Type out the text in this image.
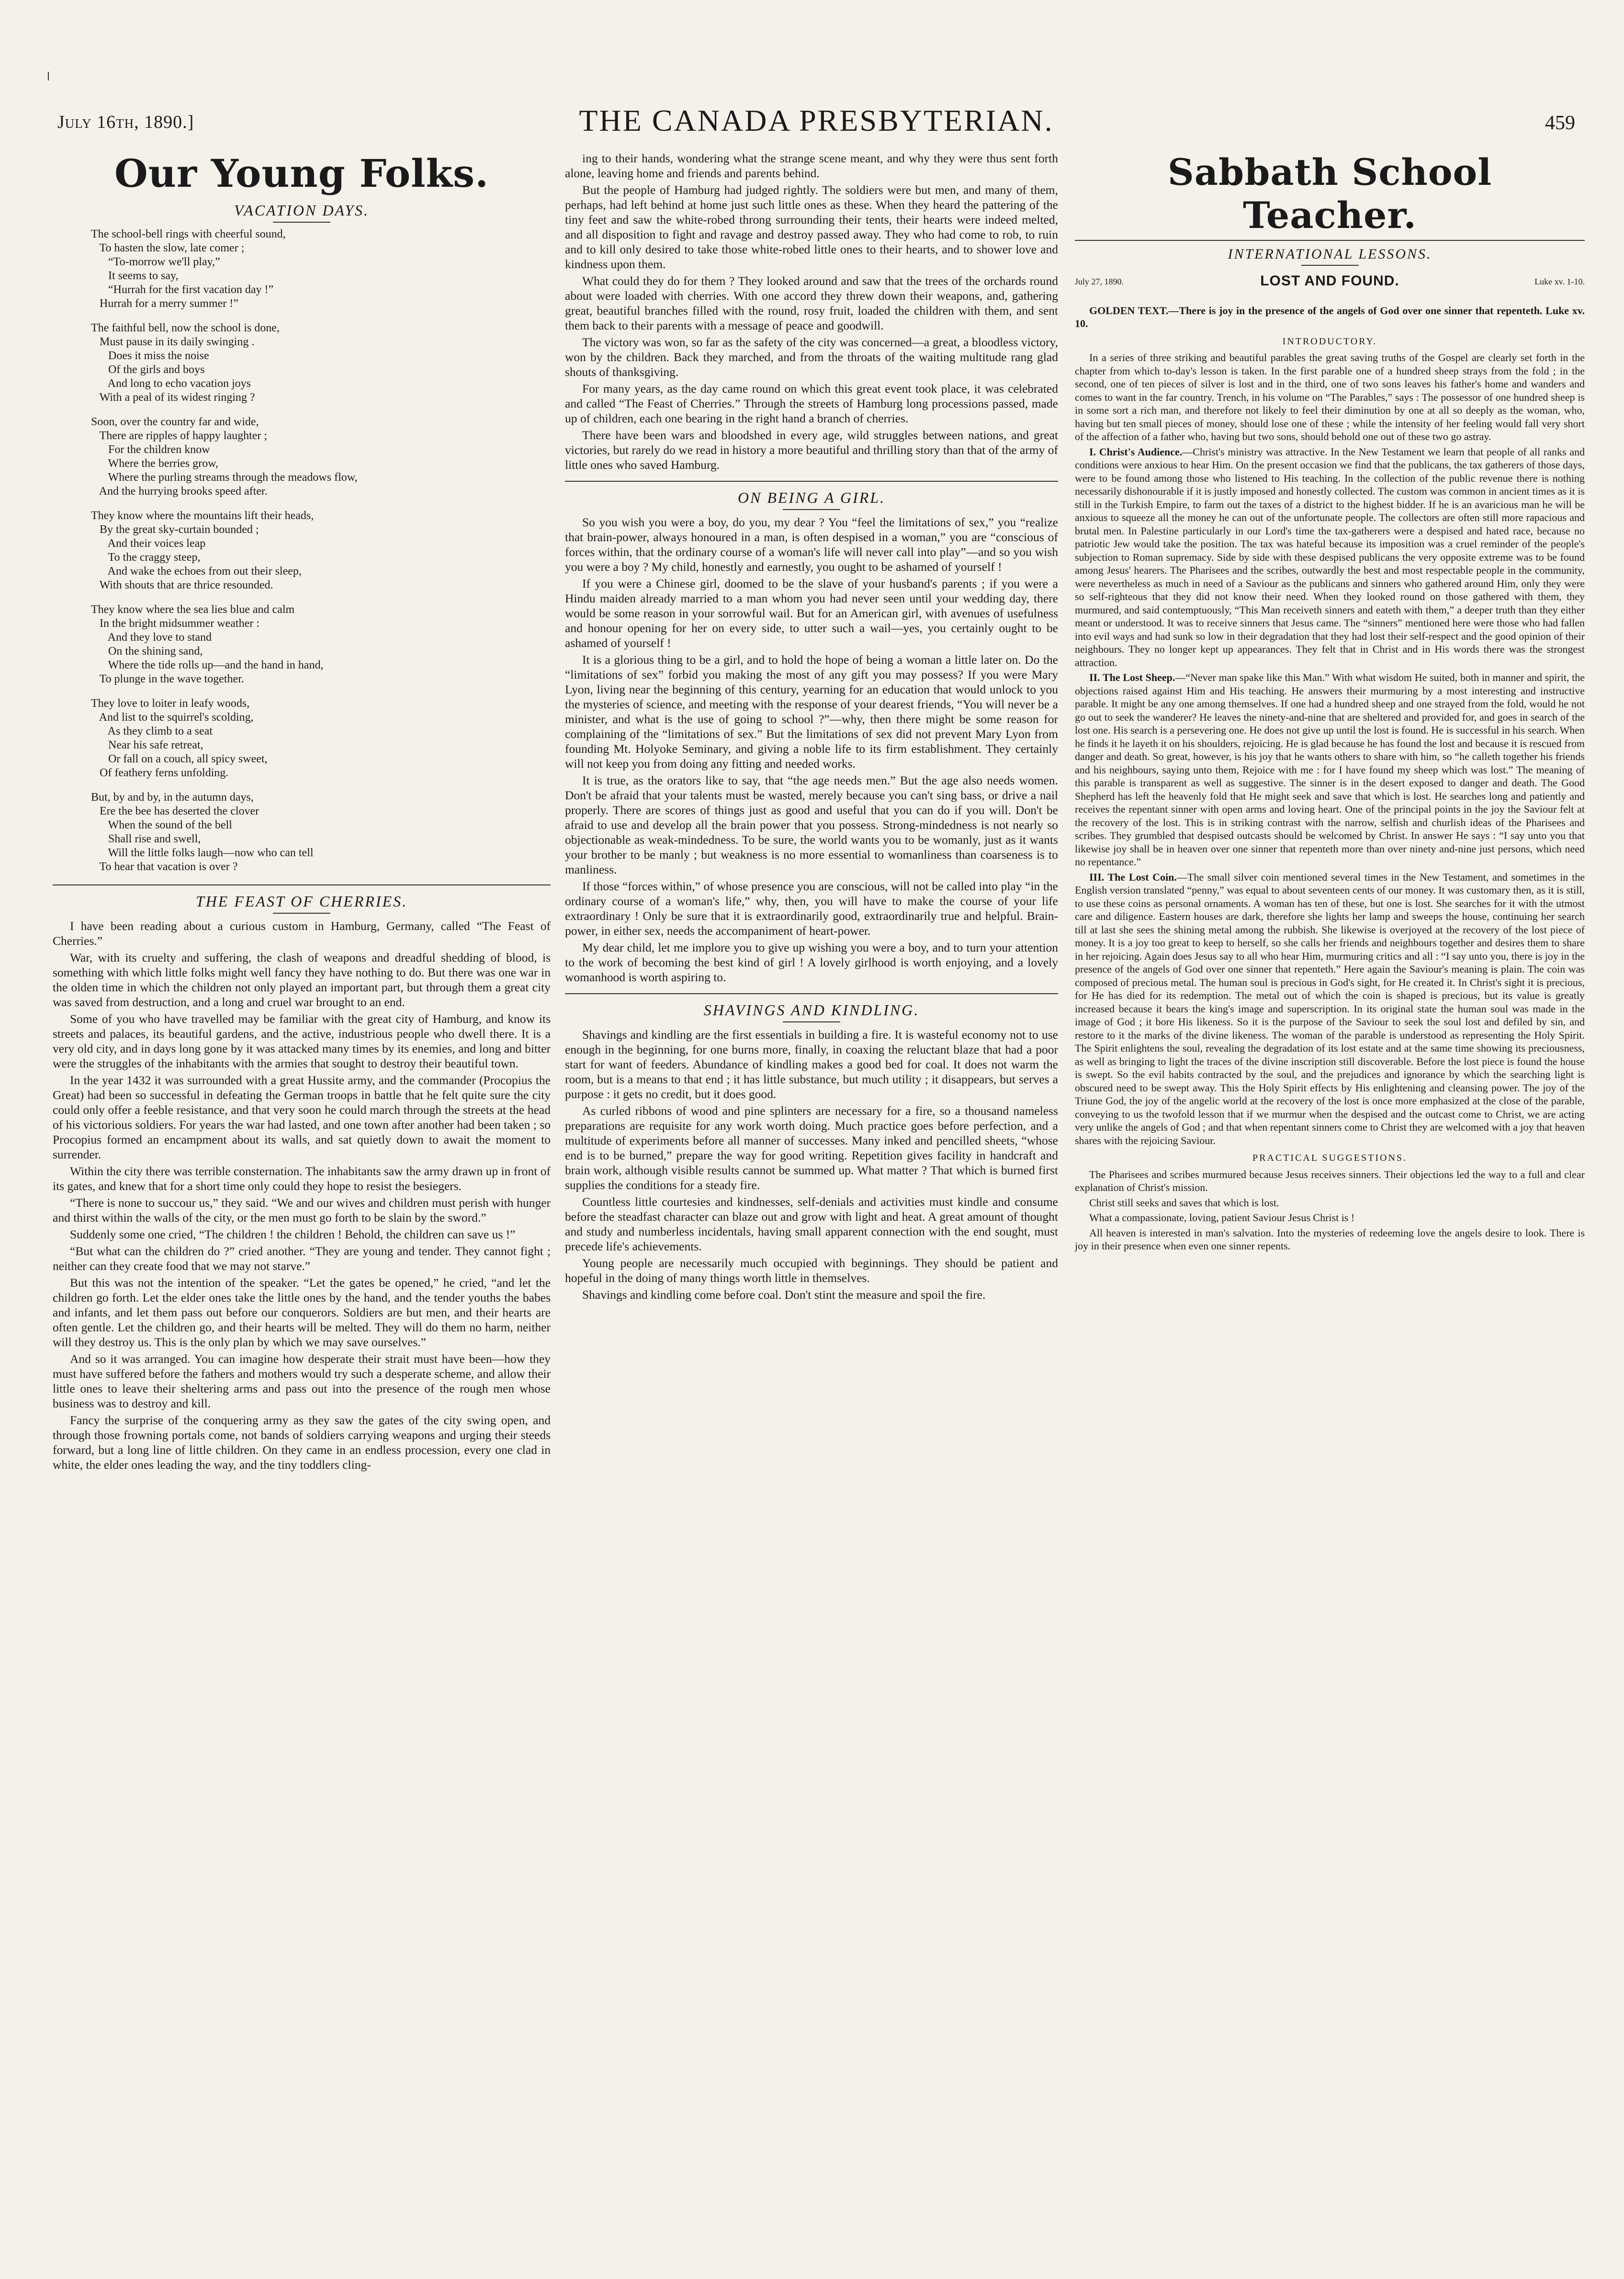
July 16th, 1890.]	THE CANADA PRESBYTERIAN.	459
Our Young Folks.
VACATION DAYS.
The school-bell rings with cheerful sound,
To hasten the slow, late comer ;
“To-morrow we'll play,”
It seems to say,
“Hurrah for the first vacation day !”
Hurrah for a merry summer !”
The faithful bell, now the school is done,
Must pause in its daily swinging .
Does it miss the noise
Of the girls and boys
And long to echo vacation joys
With a peal of its widest ringing ?
Soon, over the country far and wide,
There are ripples of happy laughter ;
For the children know
Where the berries grow,
Where the purling streams through the meadows flow,
And the hurrying brooks speed after.
They know where the mountains lift their heads,
By the great sky-curtain bounded ;
And their voices leap
To the craggy steep,
And wake the echoes from out their sleep,
With shouts that are thrice resounded.
They know where the sea lies blue and calm
In the bright midsummer weather :
And they love to stand
On the shining sand,
Where the tide rolls up—and the hand in hand,
To plunge in the wave together.
They love to loiter in leafy woods,
And list to the squirrel's scolding,
As they climb to a seat
Near his safe retreat,
Or fall on a couch, all spicy sweet,
Of feathery ferns unfolding.
But, by and by, in the autumn days,
Ere the bee has deserted the clover
When the sound of the bell
Shall rise and swell,
Will the little folks laugh—now who can tell
To hear that vacation is over ?
THE FEAST OF CHERRIES.

I have been reading about a curious custom in Hamburg, Germany, called “The Feast of Cherries.”

War, with its cruelty and suffering, the clash of weapons and dreadful shedding of blood, is something with which little folks might well fancy they have nothing to do. But there was one war in the olden time in which the children not only played an important part, but through them a great city was saved from destruction, and a long and cruel war brought to an end.

Some of you who have travelled may be familiar with the great city of Hamburg, and know its streets and palaces, its beautiful gardens, and the active, industrious people who dwell there. It is a very old city, and in days long gone by it was attacked many times by its enemies, and long and bitter were the struggles of the inhabitants with the armies that sought to destroy their beautiful town.

In the year 1432 it was surrounded with a great Hussite army, and the commander (Procopius the Great) had been so successful in defeating the German troops in battle that he felt quite sure the city could only offer a feeble resistance, and that very soon he could march through the streets at the head of his victorious soldiers. For years the war had lasted, and one town after another had been taken ; so Procopius formed an encampment about its walls, and sat quietly down to await the moment to surrender.

Within the city there was terrible consternation. The inhabitants saw the army drawn up in front of its gates, and knew that for a short time only could they hope to resist the besiegers.

“There is none to succour us,” they said. “We and our wives and children must perish with hunger and thirst within the walls of the city, or the men must go forth to be slain by the sword.”

Suddenly some one cried, “The children ! the children ! Behold, the children can save us !”

“But what can the children do ?” cried another. “They are young and tender. They cannot fight ; neither can they create food that we may not starve.”

But this was not the intention of the speaker. “Let the gates be opened,” he cried, “and let the children go forth. Let the elder ones take the little ones by the hand, and the tender youths the babes and infants, and let them pass out before our conquerors. Soldiers are but men, and their hearts are often gentle. Let the children go, and their hearts will be melted. They will do them no harm, neither will they destroy us. This is the only plan by which we may save ourselves.”

And so it was arranged. You can imagine how desperate their strait must have been—how they must have suffered before the fathers and mothers would try such a desperate scheme, and allow their little ones to leave their sheltering arms and pass out into the presence of the rough men whose business was to destroy and kill.

Fancy the surprise of the conquering army as they saw the gates of the city swing open, and through those frowning portals come, not bands of soldiers carrying weapons and urging their steeds forward, but a long line of little children. On they came in an endless procession, every one clad in white, the elder ones leading the way, and the tiny toddlers cling-

ing to their hands, wondering what the strange scene meant, and why they were thus sent forth alone, leaving home and friends and parents behind.

But the people of Hamburg had judged rightly. The soldiers were but men, and many of them, perhaps, had left behind at home just such little ones as these. When they heard the pattering of the tiny feet and saw the white-robed throng surrounding their tents, their hearts were indeed melted, and all disposition to fight and ravage and destroy passed away. They who had come to rob, to ruin and to kill only desired to take those white-robed little ones to their hearts, and to shower love and kindness upon them.

What could they do for them ? They looked around and saw that the trees of the orchards round about were loaded with cherries. With one accord they threw down their weapons, and, gathering great, beautiful branches filled with the round, rosy fruit, loaded the children with them, and sent them back to their parents with a message of peace and goodwill.

The victory was won, so far as the safety of the city was concerned—a great, a bloodless victory, won by the children. Back they marched, and from the throats of the waiting multitude rang glad shouts of thanksgiving.

For many years, as the day came round on which this great event took place, it was celebrated and called “The Feast of Cherries.” Through the streets of Hamburg long processions passed, made up of children, each one bearing in the right hand a branch of cherries.

There have been wars and bloodshed in every age, wild struggles between nations, and great victories, but rarely do we read in history a more beautiful and thrilling story than that of the army of little ones who saved Hamburg.

ON BEING A GIRL.

So you wish you were a boy, do you, my dear ? You “feel the limitations of sex,” you “realize that brain-power, always honoured in a man, is often despised in a woman,” you are “conscious of forces within, that the ordinary course of a woman's life will never call into play”—and so you wish you were a boy ? My child, honestly and earnestly, you ought to be ashamed of yourself !

If you were a Chinese girl, doomed to be the slave of your husband's parents ; if you were a Hindu maiden already married to a man whom you had never seen until your wedding day, there would be some reason in your sorrowful wail. But for an American girl, with avenues of usefulness and honour opening for her on every side, to utter such a wail—yes, you certainly ought to be ashamed of yourself !

It is a glorious thing to be a girl, and to hold the hope of being a woman a little later on. Do the “limitations of sex” forbid you making the most of any gift you may possess? If you were Mary Lyon, living near the beginning of this century, yearning for an education that would unlock to you the mysteries of science, and meeting with the response of your dearest friends, “You will never be a minister, and what is the use of going to school ?”—why, then there might be some reason for complaining of the “limitations of sex.” But the limitations of sex did not prevent Mary Lyon from founding Mt. Holyoke Seminary, and giving a noble life to its firm establishment. They certainly will not keep you from doing any fitting and needed works.

It is true, as the orators like to say, that “the age needs men.” But the age also needs women. Don't be afraid that your talents must be wasted, merely because you can't sing bass, or drive a nail properly. There are scores of things just as good and useful that you can do if you will. Don't be afraid to use and develop all the brain power that you possess. Strong-mindedness is not nearly so objectionable as weak-mindedness. To be sure, the world wants you to be womanly, just as it wants your brother to be manly ; but weakness is no more essential to womanliness than coarseness is to manliness.

If those “forces within,” of whose presence you are conscious, will not be called into play “in the ordinary course of a woman's life,” why, then, you will have to make the course of your life extraordinary ! Only be sure that it is extraordinarily good, extraordinarily true and helpful. Brain-power, in either sex, needs the accompaniment of heart-power.

My dear child, let me implore you to give up wishing you were a boy, and to turn your attention to the work of becoming the best kind of girl ! A lovely girlhood is worth enjoying, and a lovely womanhood is worth aspiring to.

SHAVINGS AND KINDLING.

Shavings and kindling are the first essentials in building a fire. It is wasteful economy not to use enough in the beginning, for one burns more, finally, in coaxing the reluctant blaze that had a poor start for want of feeders. Abundance of kindling makes a good bed for coal. It does not warm the room, but is a means to that end ; it has little substance, but much utility ; it disappears, but serves a purpose : it gets no credit, but it does good.

As curled ribbons of wood and pine splinters are necessary for a fire, so a thousand nameless preparations are requisite for any work worth doing. Much practice goes before perfection, and a multitude of experiments before all manner of successes. Many inked and pencilled sheets, “whose end is to be burned,” prepare the way for good writing. Repetition gives facility in handcraft and brain work, although visible results cannot be summed up. What matter ? That which is burned first supplies the conditions for a steady fire.

Countless little courtesies and kindnesses, self-denials and activities must kindle and consume before the steadfast character can blaze out and grow with light and heat. A great amount of thought and study and numberless incidentals, having small apparent connection with the end sought, must precede life's achievements.

Young people are necessarily much occupied with beginnings. They should be patient and hopeful in the doing of many things worth little in themselves.

Shavings and kindling come before coal. Don't stint the measure and spoil the fire.

Sabbath School Teacher.
INTERNATIONAL LESSONS.
July 27, 1890.	LOST AND FOUND.	Luke xv. 1-10.

GOLDEN TEXT.—There is joy in the presence of the angels of God over one sinner that repenteth. Luke xv. 10.

INTRODUCTORY.

In a series of three striking and beautiful parables the great saving truths of the Gospel are clearly set forth in the chapter from which to-day's lesson is taken. In the first parable one of a hundred sheep strays from the fold ; in the second, one of ten pieces of silver is lost and in the third, one of two sons leaves his father's home and wanders and comes to want in the far country. Trench, in his volume on “The Parables,” says : The possessor of one hundred sheep is in some sort a rich man, and therefore not likely to feel their diminution by one at all so deeply as the woman, who, having but ten small pieces of money, should lose one of these ; while the intensity of her feeling would fall very short of the affection of a father who, having but two sons, should behold one out of these two go astray.

I. Christ's Audience.—Christ's ministry was attractive. In the New Testament we learn that people of all ranks and conditions were anxious to hear Him. On the present occasion we find that the publicans, the tax gatherers of those days, were to be found among those who listened to His teaching. In the collection of the public revenue there is nothing necessarily dishonourable if it is justly imposed and honestly collected. The custom was common in ancient times as it is still in the Turkish Empire, to farm out the taxes of a district to the highest bidder. If he is an avaricious man he will be anxious to squeeze all the money he can out of the unfortunate people. The collectors are often still more rapacious and brutal men. In Palestine particularly in our Lord's time the tax-gatherers were a despised and hated race, because no patriotic Jew would take the position. The tax was hateful because its imposition was a cruel reminder of the people's subjection to Roman supremacy. Side by side with these despised publicans the very opposite extreme was to be found among Jesus' hearers. The Pharisees and the scribes, outwardly the best and most respectable people in the community, were nevertheless as much in need of a Saviour as the publicans and sinners who gathered around Him, only they were so self-righteous that they did not know their need. When they looked round on those gathered with them, they murmured, and said contemptuously, “This Man receiveth sinners and eateth with them,” a deeper truth than they either meant or understood. It was to receive sinners that Jesus came. The “sinners” mentioned here were those who had fallen into evil ways and had sunk so low in their degradation that they had lost their self-respect and the good opinion of their neighbours. They no longer kept up appearances. They felt that in Christ and in His words there was the strongest attraction.

II. The Lost Sheep.—“Never man spake like this Man.” With what wisdom He suited, both in manner and spirit, the objections raised against Him and His teaching. He answers their murmuring by a most interesting and instructive parable. It might be any one among themselves. If one had a hundred sheep and one strayed from the fold, would he not go out to seek the wanderer? He leaves the ninety-and-nine that are sheltered and provided for, and goes in search of the lost one. His search is a persevering one. He does not give up until the lost is found. He is successful in his search. When he finds it he layeth it on his shoulders, rejoicing. He is glad because he has found the lost and because it is rescued from danger and death. So great, however, is his joy that he wants others to share with him, so “he calleth together his friends and his neighbours, saying unto them, Rejoice with me : for I have found my sheep which was lost.” The meaning of this parable is transparent as well as suggestive. The sinner is in the desert exposed to danger and death. The Good Shepherd has left the heavenly fold that He might seek and save that which is lost. He searches long and patiently and receives the repentant sinner with open arms and loving heart. One of the principal points in the joy the Saviour felt at the recovery of the lost. This is in striking contrast with the narrow, selfish and churlish ideas of the Pharisees and scribes. They grumbled that despised outcasts should be welcomed by Christ. In answer He says : “I say unto you that likewise joy shall be in heaven over one sinner that repenteth more than over ninety and-nine just persons, which need no repentance.”

III. The Lost Coin.—The small silver coin mentioned several times in the New Testament, and sometimes in the English version translated “penny,” was equal to about seventeen cents of our money. It was customary then, as it is still, to use these coins as personal ornaments. A woman has ten of these, but one is lost. She searches for it with the utmost care and diligence. Eastern houses are dark, therefore she lights her lamp and sweeps the house, continuing her search till at last she sees the shining metal among the rubbish. She likewise is overjoyed at the recovery of the lost piece of money. It is a joy too great to keep to herself, so she calls her friends and neighbours together and desires them to share in her rejoicing. Again does Jesus say to all who hear Him, murmuring critics and all : “I say unto you, there is joy in the presence of the angels of God over one sinner that repenteth.” Here again the Saviour's meaning is plain. The coin was composed of precious metal. The human soul is precious in God's sight, for He created it. In Christ's sight it is precious, for He has died for its redemption. The metal out of which the coin is shaped is precious, but its value is greatly increased because it bears the king's image and superscription. In its original state the human soul was made in the image of God ; it bore His likeness. So it is the purpose of the Saviour to seek the soul lost and defiled by sin, and restore to it the marks of the divine likeness. The woman of the parable is understood as representing the Holy Spirit. The Spirit enlightens the soul, revealing the degradation of its lost estate and at the same time showing its preciousness, as well as bringing to light the traces of the divine inscription still discoverable. Before the lost piece is found the house is swept. So the evil habits contracted by the soul, and the prejudices and ignorance by which the searching light is obscured need to be swept away. This the Holy Spirit effects by His enlightening and cleansing power. The joy of the Triune God, the joy of the angelic world at the recovery of the lost is once more emphasized at the close of the parable, conveying to us the twofold lesson that if we murmur when the despised and the outcast come to Christ, we are acting very unlike the angels of God ; and that when repentant sinners come to Christ they are welcomed with a joy that heaven shares with the rejoicing Saviour.

PRACTICAL SUGGESTIONS.

The Pharisees and scribes murmured because Jesus receives sinners. Their objections led the way to a full and clear explanation of Christ's mission.

Christ still seeks and saves that which is lost.

What a compassionate, loving, patient Saviour Jesus Christ is !

All heaven is interested in man's salvation. Into the mysteries of redeeming love the angels desire to look. There is joy in their presence when even one sinner repents.
